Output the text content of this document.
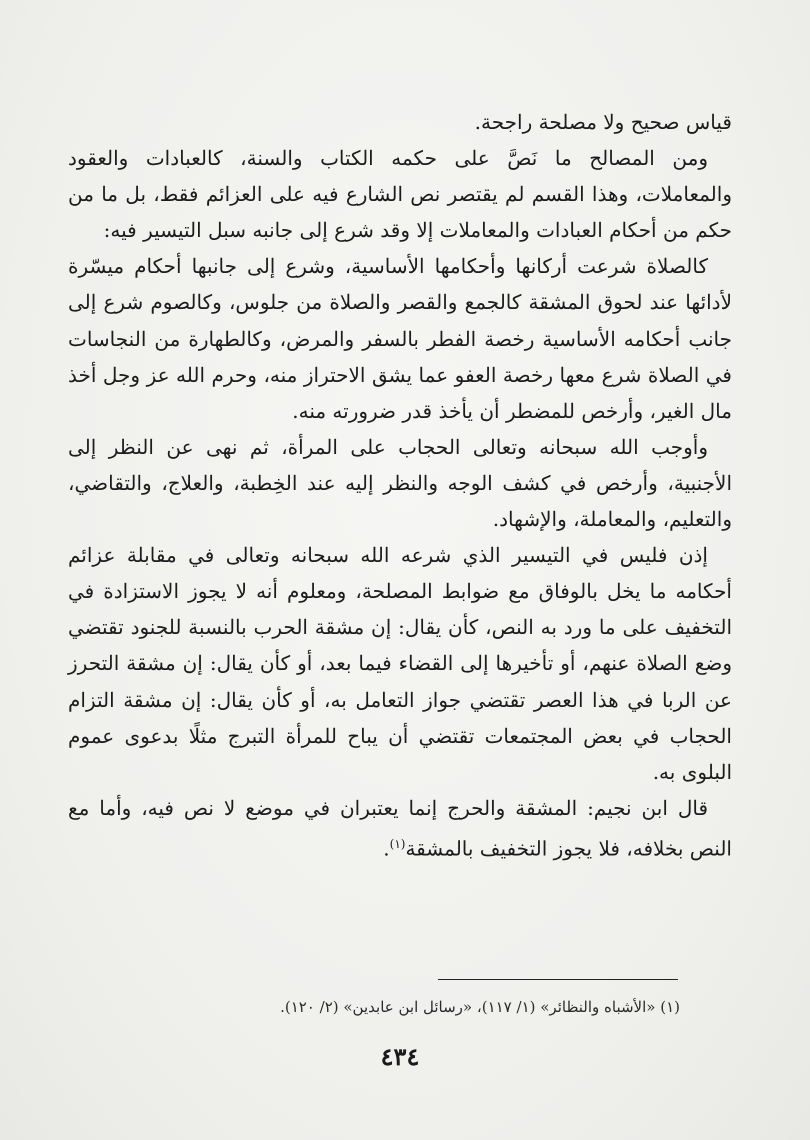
قياس صحيح ولا مصلحة راجحة.

ومن المصالح ما نَصَّ على حكمه الكتاب والسنة، كالعبادات والعقود والمعاملات، وهذا القسم لم يقتصر نص الشارع فيه على العزائم فقط، بل ما من حكم من أحكام العبادات والمعاملات إلا وقد شرع إلى جانبه سبل التيسير فيه:

كالصلاة شرعت أركانها وأحكامها الأساسية، وشرع إلى جانبها أحكام ميسّرة لأدائها عند لحوق المشقة كالجمع والقصر والصلاة من جلوس، وكالصوم شرع إلى جانب أحكامه الأساسية رخصة الفطر بالسفر والمرض، وكالطهارة من النجاسات في الصلاة شرع معها رخصة العفو عما يشق الاحتراز منه، وحرم الله عز وجل أخذ مال الغير، وأرخص للمضطر أن يأخذ قدر ضرورته منه.

وأوجب الله سبحانه وتعالى الحجاب على المرأة، ثم نهى عن النظر إلى الأجنبية، وأرخص في كشف الوجه والنظر إليه عند الخِطبة، والعلاج، والتقاضي، والتعليم، والمعاملة، والإشهاد.

إذن فليس في التيسير الذي شرعه الله سبحانه وتعالى في مقابلة عزائم أحكامه ما يخل بالوفاق مع ضوابط المصلحة، ومعلوم أنه لا يجوز الاستزادة في التخفيف على ما ورد به النص، كأن يقال: إن مشقة الحرب بالنسبة للجنود تقتضي وضع الصلاة عنهم، أو تأخيرها إلى القضاء فيما بعد، أو كأن يقال: إن مشقة التحرز عن الربا في هذا العصر تقتضي جواز التعامل به، أو كأن يقال: إن مشقة التزام الحجاب في بعض المجتمعات تقتضي أن يباح للمرأة التبرج مثلًا بدعوى عموم البلوى به.

قال ابن نجيم: المشقة والحرج إنما يعتبران في موضع لا نص فيه، وأما مع النص بخلافه، فلا يجوز التخفيف بالمشقة$^{(١)}$.

(١) «الأشباه والنظائر» (١/ ١١٧)، «رسائل ابن عابدين» (٢/ ١٢٠).
٤٣٤
